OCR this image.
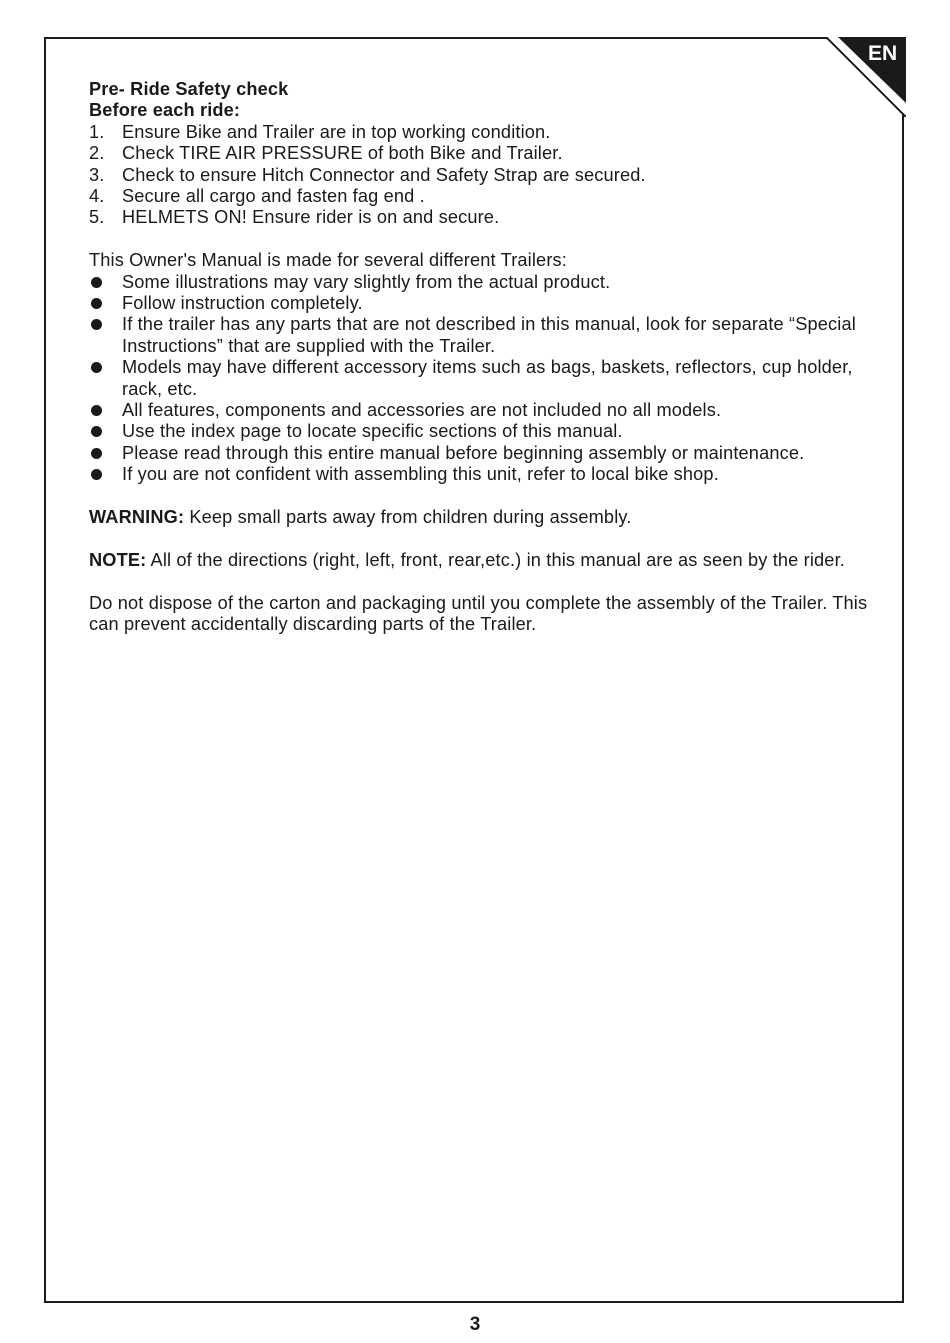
EN

Pre- Ride Safety check

Before each ride:

1. Ensure Bike and Trailer are in top working condition.
2. Check TIRE AIR PRESSURE of both Bike and Trailer.
3. Check to ensure Hitch Connector and Safety Strap are secured.
4. Secure all cargo and fasten fag end .
5. HELMETS ON! Ensure rider is on and secure.

This Owner's Manual is made for several different Trailers:

Some illustrations may vary slightly from the actual product.
Follow instruction completely.
If the trailer has any parts that are not described in this manual, look for separate “Special Instructions” that are supplied with the Trailer.
Models may have different accessory items such as bags, baskets, reflectors, cup holder, rack, etc.
All features, components and accessories are not included no all models.
Use the index page to locate specific sections of this manual.
Please read through this entire manual before beginning assembly or maintenance.
If you are not confident with assembling this unit, refer to local bike shop.

WARNING: Keep small parts away from children during assembly.

NOTE: All of the directions (right, left, front, rear,etc.) in this manual are as seen by the rider.

Do not dispose of the carton and packaging until you complete the assembly of the Trailer. This can prevent accidentally discarding parts of the Trailer.

3
